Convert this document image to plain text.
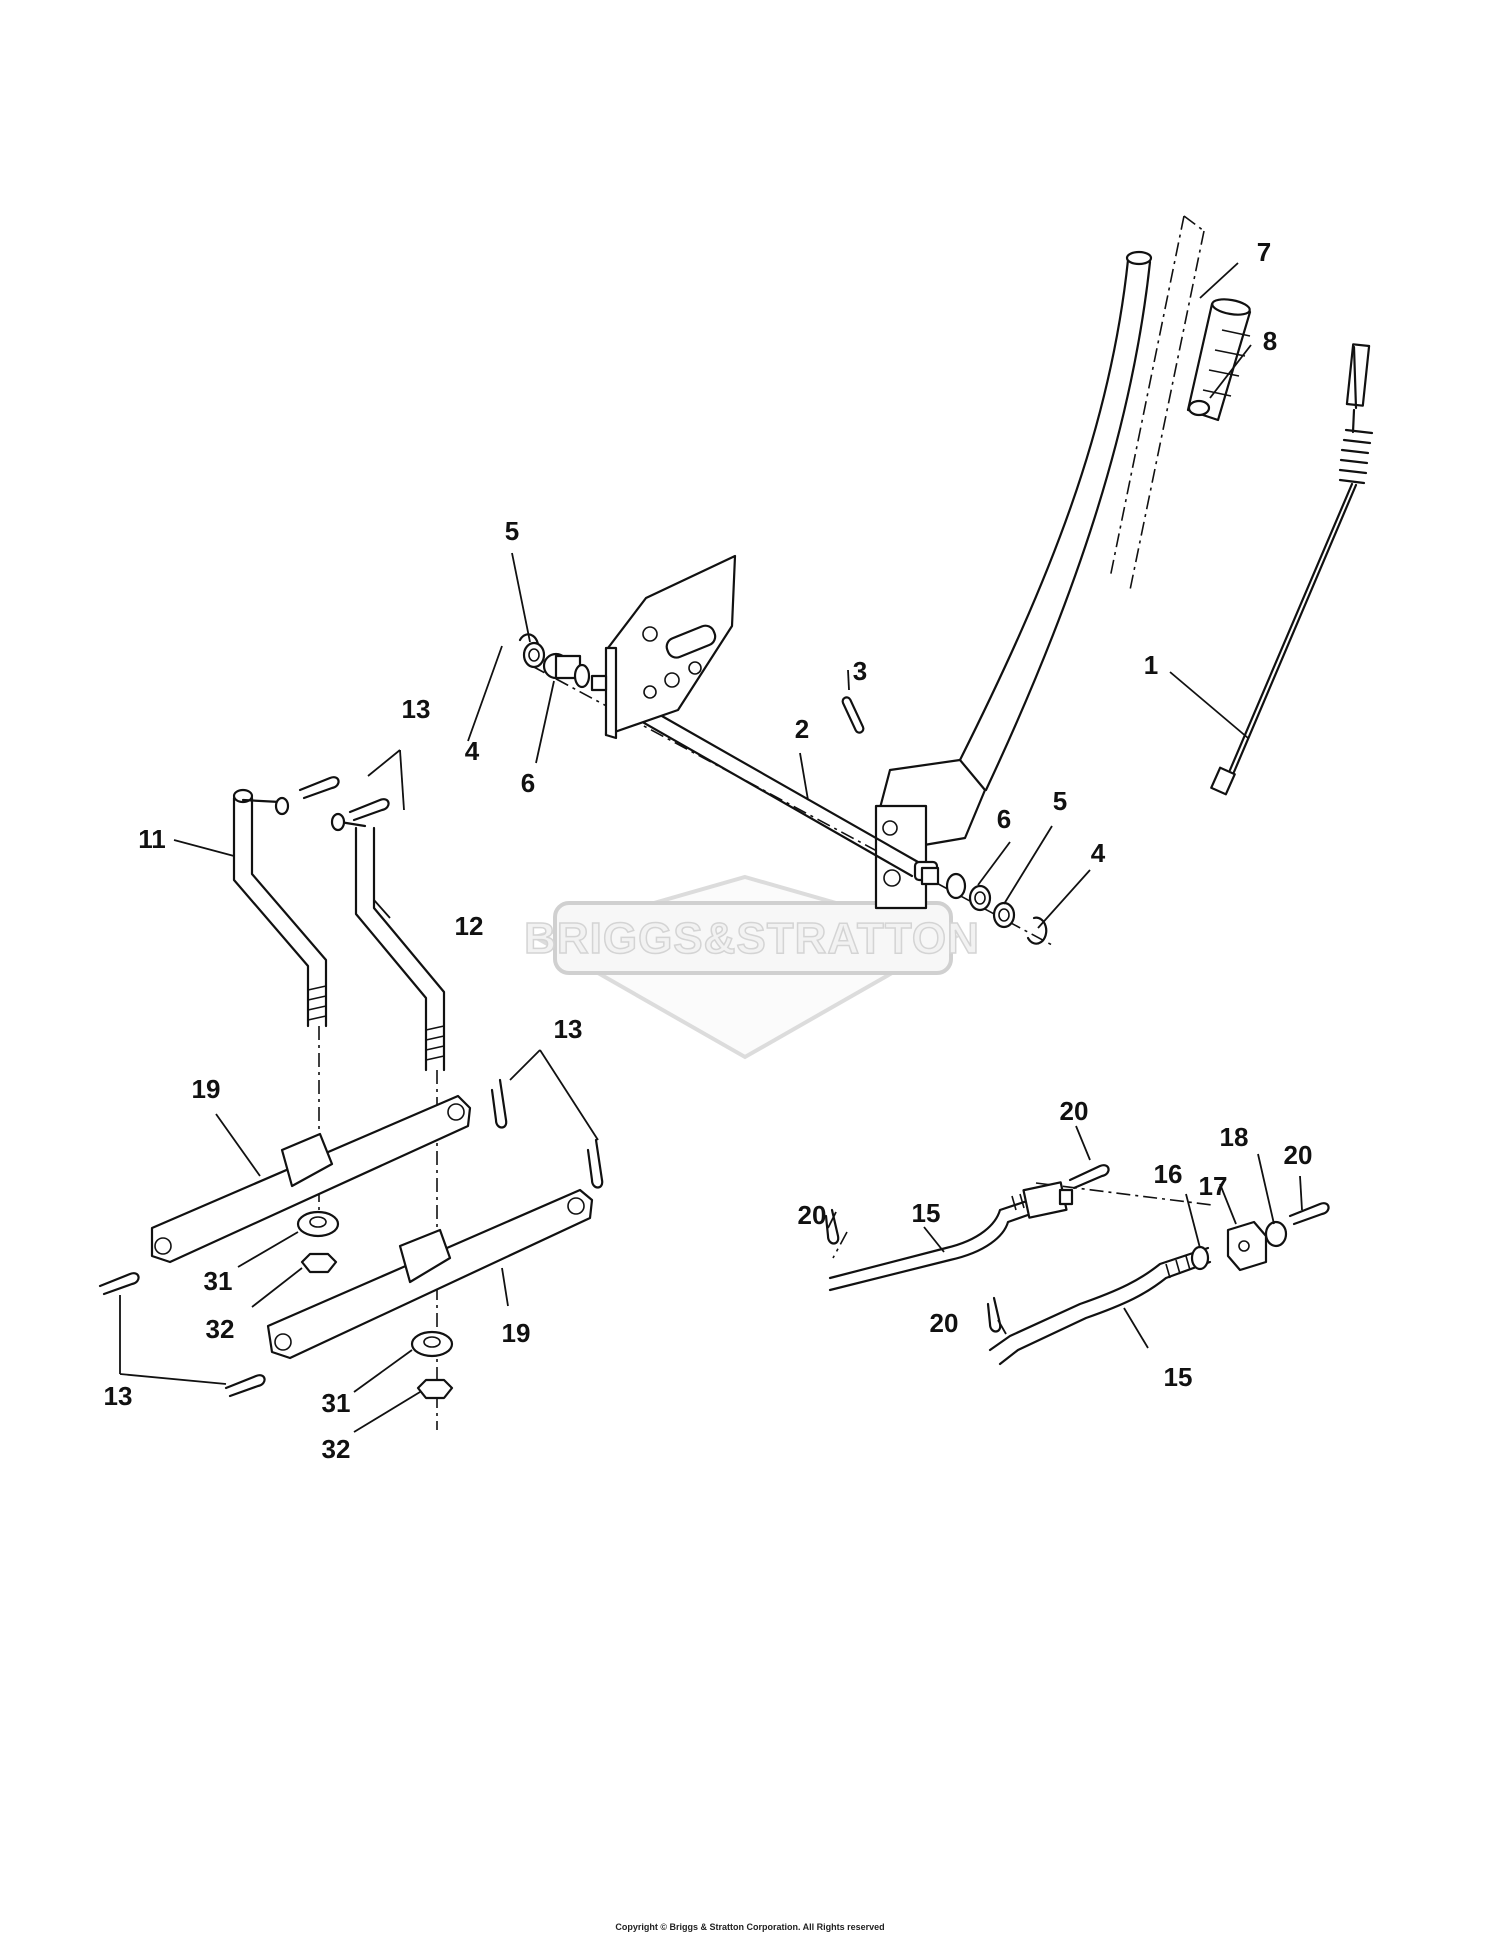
BRIGGS&STRATTON
7
8
5
3	1
2
4
6
13
11
6
5
4
12
13
19
20
18
20
16 17
20	15
31
32	19	20
15
13	31
32
Copyright © Briggs & Stratton Corporation. All Rights reserved
